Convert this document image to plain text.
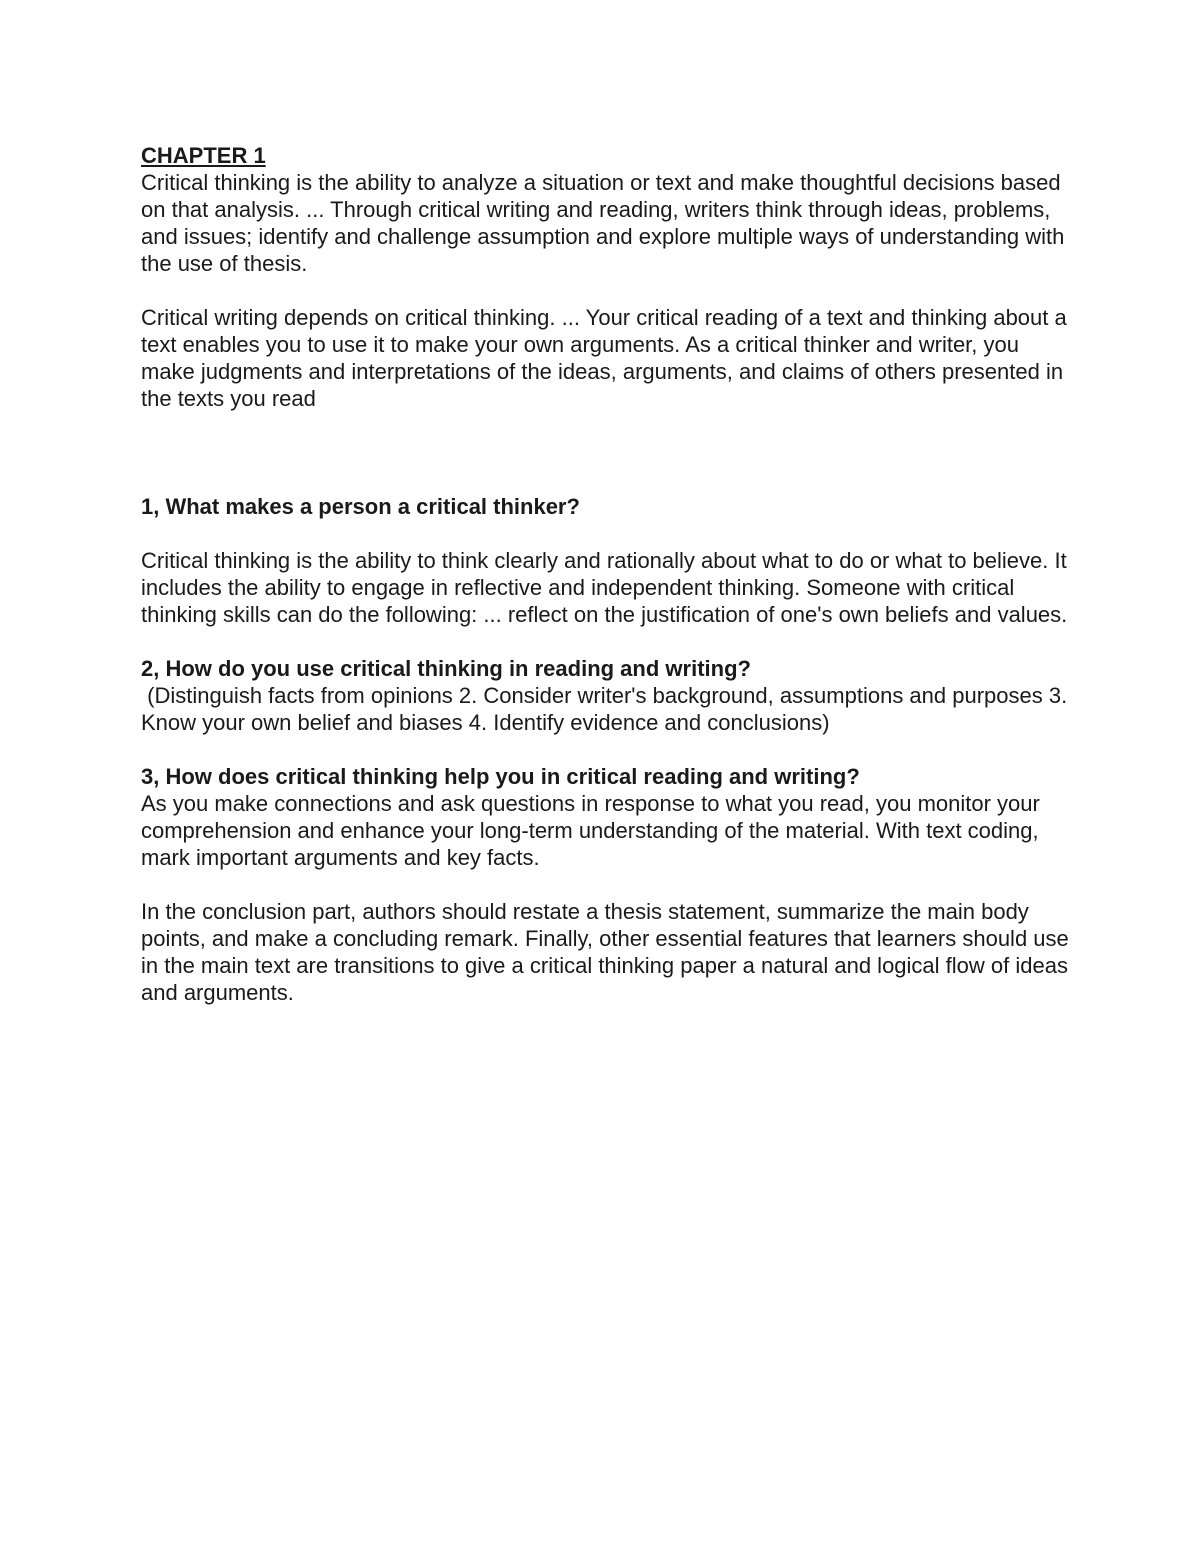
CHAPTER 1

Critical thinking is the ability to analyze a situation or text and make thoughtful decisions based on that analysis. ... Through critical writing and reading, writers think through ideas, problems, and issues; identify and challenge assumption and explore multiple ways of understanding with the use of thesis.

Critical writing depends on critical thinking. ... Your critical reading of a text and thinking about a text enables you to use it to make your own arguments. As a critical thinker and writer, you make judgments and interpretations of the ideas, arguments, and claims of others presented in the texts you read

1, What makes a person a critical thinker?

Critical thinking is the ability to think clearly and rationally about what to do or what to believe. It includes the ability to engage in reflective and independent thinking. Someone with critical thinking skills can do the following: ... reflect on the justification of one's own beliefs and values.

2, How do you use critical thinking in reading and writing?

(Distinguish facts from opinions 2. Consider writer's background, assumptions and purposes 3. Know your own belief and biases 4. Identify evidence and conclusions)

3, How does critical thinking help you in critical reading and writing?

As you make connections and ask questions in response to what you read, you monitor your comprehension and enhance your long-term understanding of the material. With text coding, mark important arguments and key facts.

In the conclusion part, authors should restate a thesis statement, summarize the main body points, and make a concluding remark. Finally, other essential features that learners should use in the main text are transitions to give a critical thinking paper a natural and logical flow of ideas and arguments.
